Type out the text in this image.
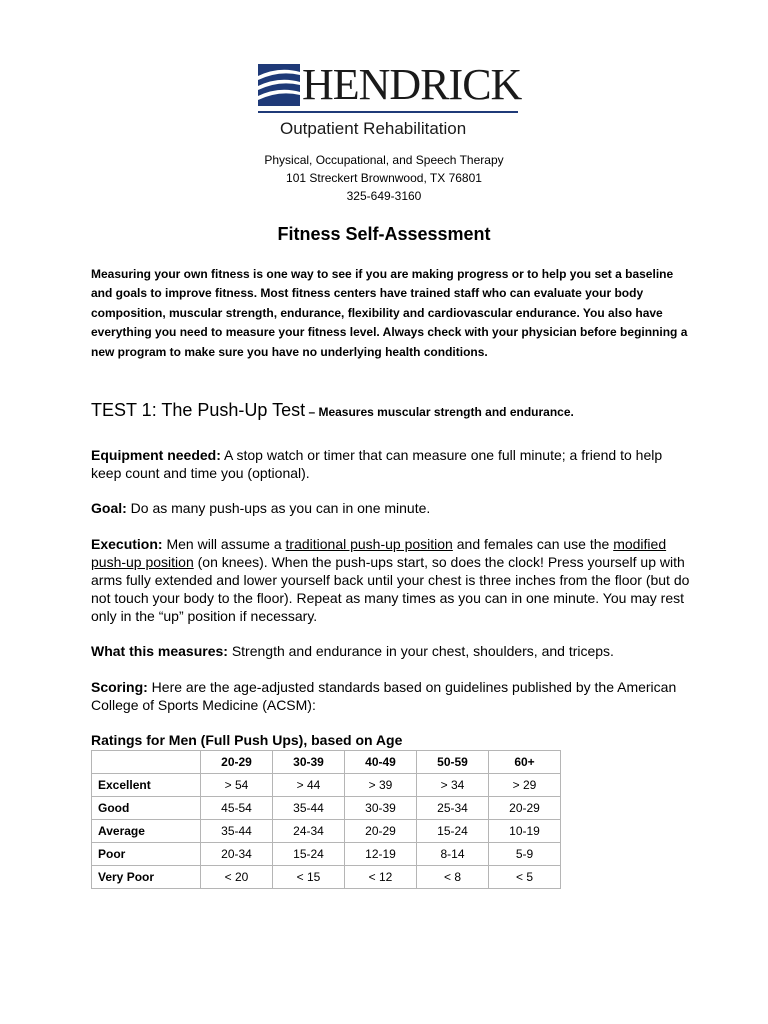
HENDRICK
Outpatient Rehabilitation
Physical, Occupational, and Speech Therapy
101 Streckert Brownwood, TX 76801
325-649-3160
Fitness Self-Assessment
Measuring your own fitness is one way to see if you are making progress or to help you set a baseline and goals to improve fitness. Most fitness centers have trained staff who can evaluate your body composition, muscular strength, endurance, flexibility and cardiovascular endurance. You also have everything you need to measure your fitness level. Always check with your physician before beginning a new program to make sure you have no underlying health conditions.
TEST 1: The Push-Up Test – Measures muscular strength and endurance.
Equipment needed: A stop watch or timer that can measure one full minute; a friend to help keep count and time you (optional).
Goal: Do as many push-ups as you can in one minute.
Execution: Men will assume a traditional push-up position and females can use the modified push-up position (on knees). When the push-ups start, so does the clock! Press yourself up with arms fully extended and lower yourself back until your chest is three inches from the floor (but do not touch your body to the floor). Repeat as many times as you can in one minute. You may rest only in the “up” position if necessary.
What this measures: Strength and endurance in your chest, shoulders, and triceps.
Scoring: Here are the age-adjusted standards based on guidelines published by the American College of Sports Medicine (ACSM):
Ratings for Men (Full Push Ups), based on Age
	20-29	30-39	40-49	50-59	60+
Excellent	> 54	> 44	> 39	> 34	> 29
Good	45-54	35-44	30-39	25-34	20-29
Average	35-44	24-34	20-29	15-24	10-19
Poor	20-34	15-24	12-19	8-14	5-9
Very Poor	< 20	< 15	< 12	< 8	< 5
